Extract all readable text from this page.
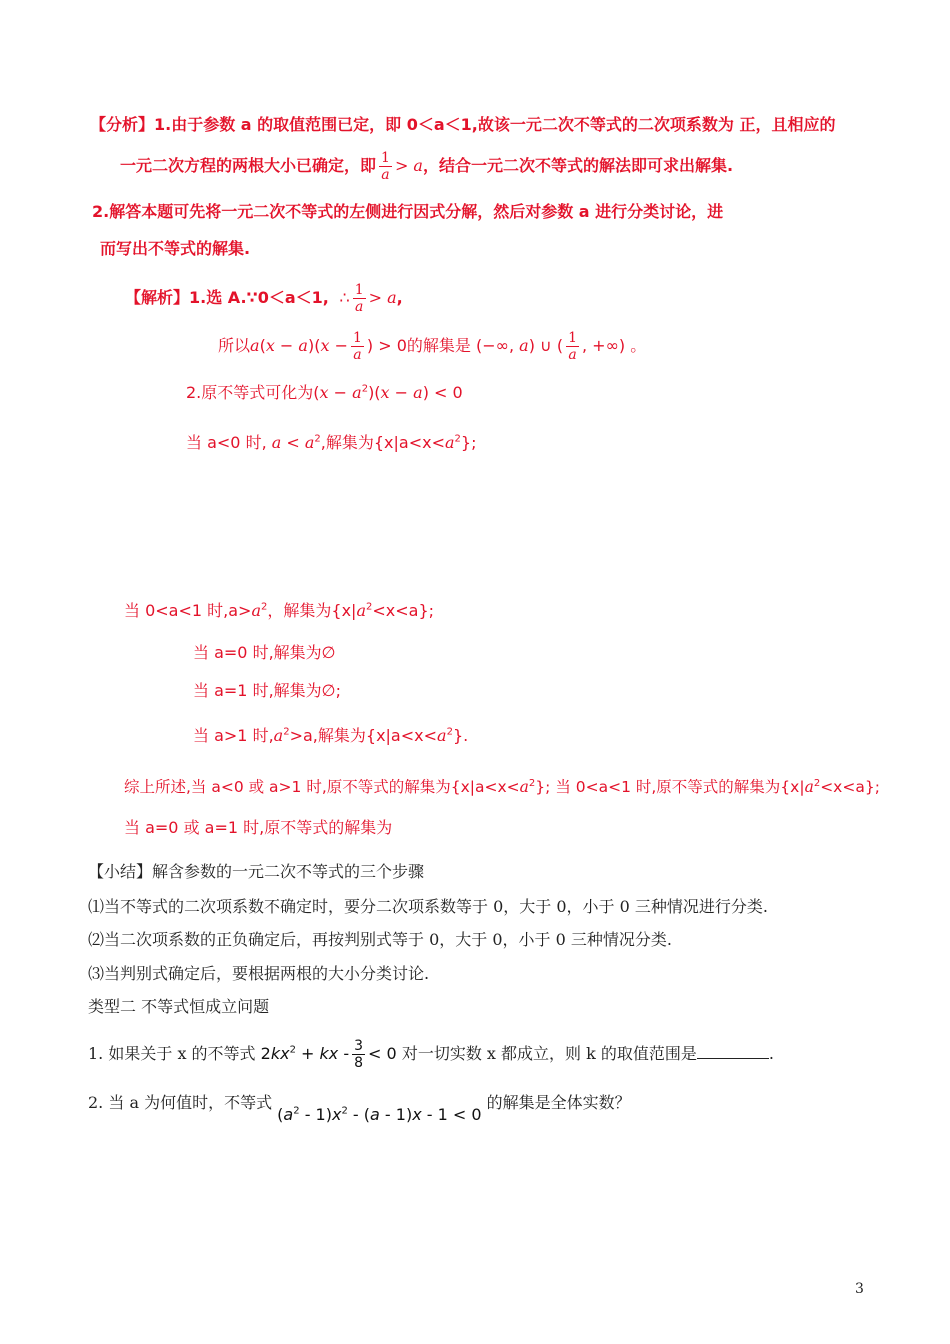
【分析】1.由于参数 a 的取值范围已定，即 0＜a＜1,故该一元二次不等式的二次项系数为 正，且相应的
一元二次方程的两根大小已确定，即 $\frac{1}{a} > a$，结合一元二次不等式的解法即可求出解集.
2.解答本题可先将一元二次不等式的左侧进行因式分解，然后对参数 a 进行分类讨论，进
而写出不等式的解集.
【解析】1.选 A.∵0＜a＜1,  ∴ $\frac{1}{a} > a$,
所以$a(x - a)(x - \frac{1}{a}$ ) > 0的解集是 (−∞, a) ∪ ( $\frac{1}{a}$ , +∞) 。
2.原不等式可化为$(x - a^2)(x - a) < 0$
当 a<0 时, $a < a^2$,解集为$\{x|a<x<a^2\}$;
当 0<a<1 时$,a>a^2$，解集为$\{x|a^2<x<a\}$;
当 a=0 时,解集为∅
当 a=1 时,解集为∅;
当 a>1 时$,a^2>a$,解集为$\{x|a<x<a^2\}$.
综上所述,当 a<0 或 a>1 时,原不等式的解集为$\{x|a<x<a^2\}$; 当 0<a<1 时,原不等式的解集为$\{x|a^2<x<a\}$;
当 a=0 或 a=1 时,原不等式的解集为
【小结】解含参数的一元二次不等式的三个步骤
⑴当不等式的二次项系数不确定时，要分二次项系数等于 0，大于 0，小于 0 三种情况进行分类.
⑵当二次项系数的正负确定后，再按判别式等于 0，大于 0，小于 0 三种情况分类.
⑶当判别式确定后，要根据两根的大小分类讨论.
类型二 不等式恒成立问题
1. 如果关于 x 的不等式 $2kx^2$ + kx - $\frac{3}{8} < 0$ 对一切实数 x 都成立，则 k 的取值范围是	.
2. 当 a 为何值时，不等式 $(a^2 - 1)x^2 - (a - 1)x - 1 < 0$ 的解集是全体实数？
3
